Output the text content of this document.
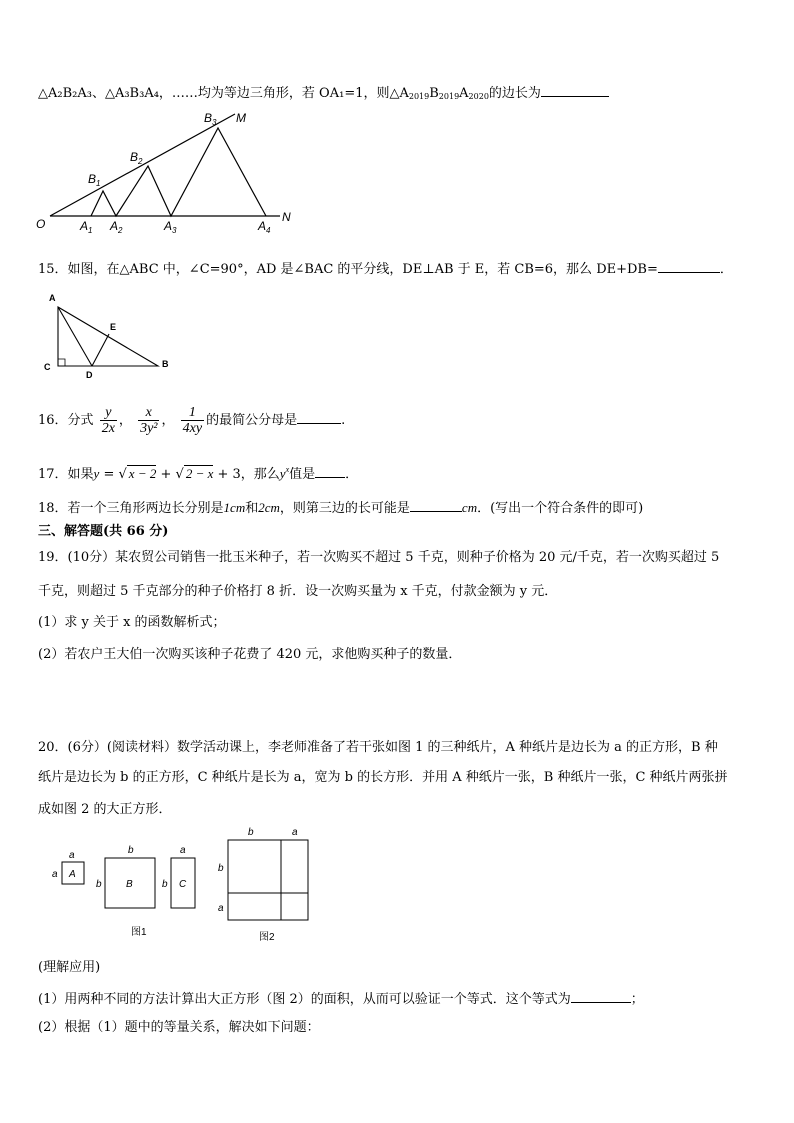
△A₂B₂A₃、△A₃B₃A₄，……均为等边三角形，若 OA₁=1，则$\triangle A_{2019}B_{2019}A_{2020}$的边长为
O	A 1 A 2	A 3	A 4
B 1
B 2
B 3 M
N
15．如图，在△ABC 中，∠C=90°，AD 是∠BAC 的平分线，DE⊥AB 于 E，若 CB=6，那么 DE+DB=	．
A
C
D
E
B
16．分式 $\frac{y}{2x}$ ， $\frac{x}{\text{3y²}}$ ， $\frac{1}{4xy}$ 的最简公分母是	.
17．如果y = √ x − 2 + √ 2 − x + 3，那么$y^x$值是 ．
18．若一个三角形两边长分别是1cm和2cm，则第三边的长可能是	cm．(写出一个符合条件的即可)
三、解答题(共 66 分)
19．(10分）某农贸公司销售一批玉米种子，若一次购买不超过 5 千克，则种子价格为 20 元/千克，若一次购买超过 5
千克，则超过 5 千克部分的种子价格打 8 折．设一次购买量为 x 千克，付款金额为 y 元．
(1）求 y 关于 x 的函数解析式；
(2）若农户王大伯一次购买该种子花费了 420 元，求他购买种子的数量．
20．(6分）(阅读材料）数学活动课上，李老师准备了若干张如图 1 的三种纸片，A 种纸片是边长为 a 的正方形，B 种
纸片是边长为 b 的正方形，C 种纸片是长为 a，宽为 b 的长方形．并用 A 种纸片一张，B 种纸片一张，C 种纸片两张拼
成如图 2 的大正方形．
a
a A
b
b B
a
b C
图1
b	a
b
a
图2
(理解应用)
(1）用两种不同的方法计算出大正方形（图 2）的面积，从而可以验证一个等式．这个等式为	；
(2）根据（1）题中的等量关系，解决如下问题：
